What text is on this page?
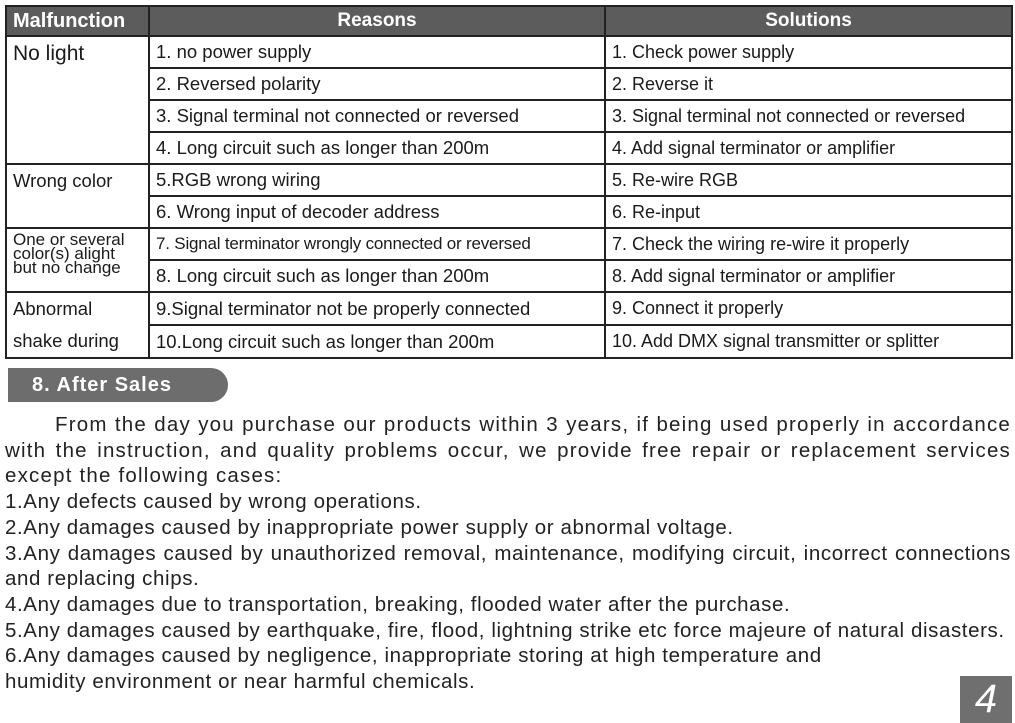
Malfunction	Reasons	Solutions
No light	1. no power supply	1. Check power supply
	2. Reversed polarity	2. Reverse it
	3. Signal terminal not connected or reversed	3. Signal terminal not connected or reversed
	4. Long circuit such as longer than 200m	4. Add signal terminator or amplifier
Wrong color	5.RGB wrong wiring	5. Re-wire RGB
	6. Wrong input of decoder address	6. Re-input
One or several color(s) alight but no change	7. Signal terminator wrongly connected or reversed	7. Check the wiring re-wire it properly
	8. Long circuit such as longer than 200m	8. Add signal terminator or amplifier
Abnormal shake during	9.Signal terminator not be properly connected	9. Connect it properly
	10.Long circuit such as longer than 200m	10. Add DMX signal transmitter or splitter
8. After Sales

From the day you purchase our products within 3 years, if being used properly in accordance with the instruction, and quality problems occur, we provide free repair or replacement services except the following cases:

1.Any defects caused by wrong operations.

2.Any damages caused by inappropriate power supply or abnormal voltage.

3.Any damages caused by unauthorized removal, maintenance, modifying circuit, incorrect connections and replacing chips.

4.Any damages due to transportation, breaking, flooded water after the purchase.

5.Any damages caused by earthquake, fire, flood, lightning strike etc force majeure of natural disasters.

6.Any damages caused by negligence, inappropriate storing at high temperature and humidity environment or near harmful chemicals.	4
